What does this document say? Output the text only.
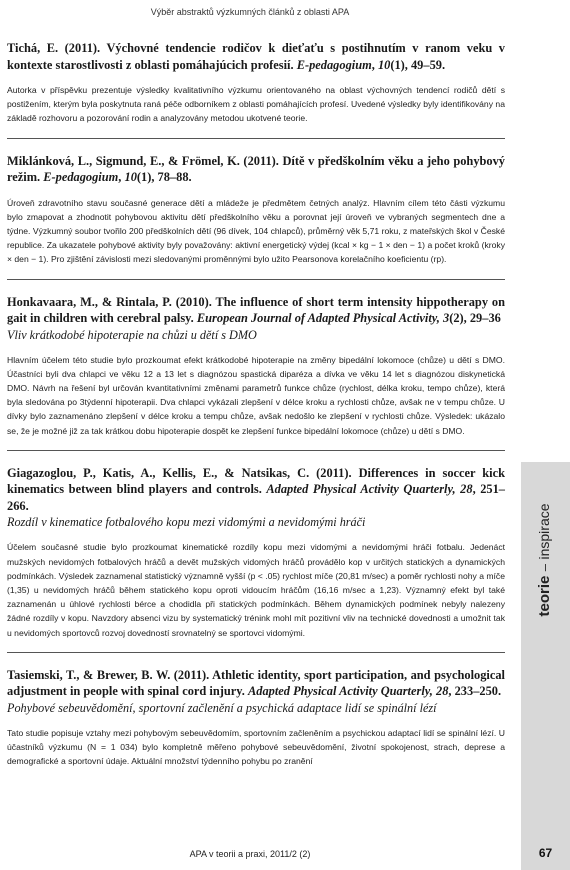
Výběr abstraktů výzkumných článků z oblasti APA

Tichá, E. (2011). Výchovné tendencie rodičov k dieťaťu s postihnutím v ranom veku v kontexte starostlivosti z oblasti pomáhajúcich profesií. E-pedagogium, 10(1), 49–59.

Autorka v příspěvku prezentuje výsledky kvalitativního výzkumu orientovaného na oblast výchovných tendencí rodičů dětí s postižením, kterým byla poskytnuta raná péče odborníkem z oblasti pomáhajících profesí. Uvedené výsledky byly identifikovány na základě rozhovoru a pozorování rodin a analyzovány metodou ukotvené teorie.

Miklánková, L., Sigmund, E., & Frömel, K. (2011). Dítě v předškolním věku a jeho pohybový režim. E-pedagogium, 10(1), 78–88.

Úroveň zdravotního stavu současné generace dětí a mládeže je předmětem četných analýz. Hlavním cílem této části výzkumu bylo zmapovat a zhodnotit pohybovou aktivitu dětí předškolního věku a porovnat její úroveň ve vybraných segmentech dne a týdne. Výzkumný soubor tvořilo 200 předškolních dětí (96 dívek, 104 chlapců), průměrný věk 5,71 roku, z mateřských škol v České republice. Za ukazatele pohybové aktivity byly považovány: aktivní energetický výdej (kcal × kg − 1 × den − 1) a počet kroků (kroky × den − 1). Pro zjištění závislosti mezi sledovanými proměnnými bylo užito Pearsonova korelačního koeficientu (rp).

Honkavaara, M., & Rintala, P. (2010). The influence of short term intensity hippotherapy on gait in children with cerebral palsy. European Journal of Adapted Physical Activity, 3(2), 29–36

Vliv krátkodobé hipoterapie na chůzi u dětí s DMO

Hlavním účelem této studie bylo prozkoumat efekt krátkodobé hipoterapie na změny bipedální lokomoce (chůze) u dětí s DMO. Účastníci byli dva chlapci ve věku 12 a 13 let s diagnózou spastická diparéza a dívka ve věku 14 let s diagnózou diskynetická DMO. Návrh na řešení byl určován kvantitativními změnami parametrů funkce chůze (rychlost, délka kroku, tempo chůze), která byla sledována po 3týdenní hipoterapii. Dva chlapci vykázali zlepšení v délce kroku a rychlosti chůze, avšak ne v tempu chůze. U dívky bylo zaznamenáno zlepšení v délce kroku a tempu chůze, avšak nedošlo ke zlepšení v rychlosti chůze. Výsledek: ukázalo se, že je možné již za tak krátkou dobu hipoterapie dospět ke zlepšení funkce bipedální lokomoce (chůze) u dětí s DMO.

Giagazoglou, P., Katis, A., Kellis, E., & Natsikas, C. (2011). Differences in soccer kick kinematics between blind players and controls. Adapted Physical Activity Quarterly, 28, 251–266.

Rozdíl v kinematice fotbalového kopu mezi vidomými a nevidomými hráči

Účelem současné studie bylo prozkoumat kinematické rozdíly kopu mezi vidomými a nevidomými hráči fotbalu. Jedenáct mužských nevidomých fotbalových hráčů a devět mužských vidomých hráčů provádělo kop v určitých statických a dynamických podmínkách. Výsledek zaznamenal statistický významně vyšší (p < .05) rychlost míče (20,81 m/sec) a poměr rychlosti nohy a míče (1,35) u nevidomých hráčů během statického kopu oproti vidoucím hráčům (16,16 m/sec a 1,23). Významný efekt byl také zaznamenán u úhlové rychlosti bérce a chodidla při statických podmínkách. Během dynamických podmínek nebyly nalezeny žádné rozdíly v kopu. Navzdory absenci vizu by systematický trénink mohl mít pozitivní vliv na technické dovednosti a umožnit tak u nevidomých sportovců rozvoj dovedností srovnatelný se sportovci vidomými.

Tasiemski, T., & Brewer, B. W. (2011). Athletic identity, sport participation, and psychological adjustment in people with spinal cord injury. Adapted Physical Activity Quarterly, 28, 233–250.

Pohybové sebeuvědomění, sportovní začlenění a psychická adaptace lidí se spinální lézí

Tato studie popisuje vztahy mezi pohybovým sebeuvědomím, sportovním začleněním a psychickou adaptací lidí se spinální lézí. U účastníků výzkumu (N = 1 034) bylo kompletně měřeno pohybové sebeuvědomění, životní spokojenost, strach, deprese a demografické a sportovní údaje. Aktuální množství týdenního pohybu po zranění

teorie – inspirace
APA v teorii a praxi, 2011/2 (2)	67
